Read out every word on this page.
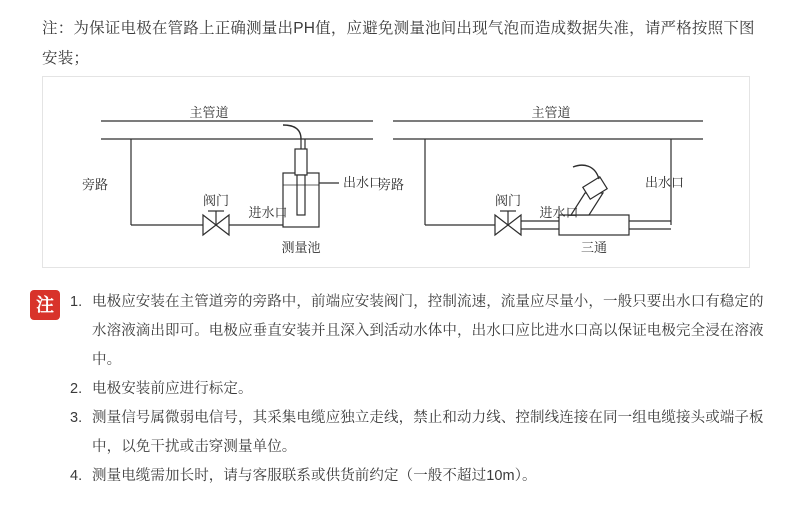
注：为保证电极在管路上正确测量出PH值，应避免测量池间出现气泡而造成数据失准，请严格按照下图安装；

主管道
旁路
阀门
进水口
出水口
测量池
主管道
旁路
阀门
进水口
出水口
三通
注	1. 电极应安装在主管道旁的旁路中，前端应安装阀门，控制流速，流量应尽量小，一般只要出水口有稳定的水溶液滴出即可。电极应垂直安装并且深入到活动水体中，出水口应比进水口高以保证电极完全浸在溶液中。
2. 电极安装前应进行标定。
3. 测量信号属微弱电信号，其采集电缆应独立走线，禁止和动力线、控制线连接在同一组电缆接头或端子板中，以免干扰或击穿测量单位。
4. 测量电缆需加长时，请与客服联系或供货前约定（一般不超过10m）。
